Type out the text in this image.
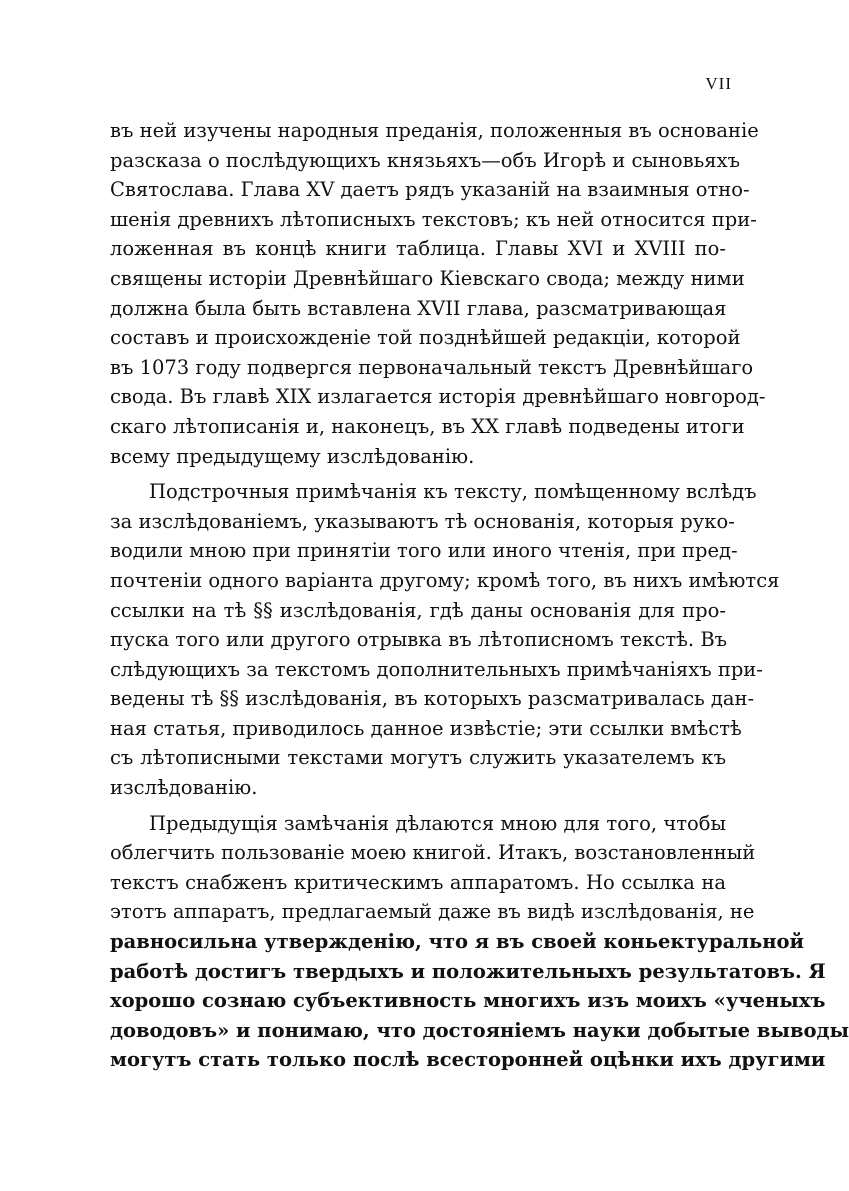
VII
въ ней изучены народныя преданія, положенныя въ основаніе
разсказа о послѣдующихъ князьяхъ—объ Игорѣ и сыновьяхъ
Святослава. Глава XV даетъ рядъ указаній на взаимныя отно-
шенія древнихъ лѣтописныхъ текстовъ; къ ней относится при-
ложенная въ концѣ книги таблица. Главы XVI и XVIII по-
священы исторіи Древнѣйшаго Кіевскаго свода; между ними
должна была быть вставлена XVII глава, разсматривающая
составъ и происхожденіе той позднѣйшей редакціи, которой
въ 1073 году подвергся первоначальный текстъ Древнѣйшаго
свода. Въ главѣ XIX излагается исторія древнѣйшаго новгород-
скаго лѣтописанія и, наконецъ, въ XX главѣ подведены итоги
всему предыдущему изслѣдованію.
Подстрочныя примѣчанія къ тексту, помѣщенному вслѣдъ
за изслѣдованіемъ, указываютъ тѣ основанія, которыя руко-
водили мною при принятіи того или иного чтенія, при пред-
почтеніи одного варіанта другому; кромѣ того, въ нихъ имѣются
ссылки на тѣ §§ изслѣдованія, гдѣ даны основанія для про-
пуска того или другого отрывка въ лѣтописномъ текстѣ. Въ
слѣдующихъ за текстомъ дополнительныхъ примѣчаніяхъ при-
ведены тѣ §§ изслѣдованія, въ которыхъ разсматривалась дан-
ная статья, приводилось данное извѣстіе; эти ссылки вмѣстѣ
съ лѣтописными текстами могутъ служить указателемъ къ
изслѣдованію.
Предыдущія замѣчанія дѣлаются мною для того, чтобы
облегчить пользованіе моею книгой. Итакъ, возстановленный
текстъ снабженъ критическимъ аппаратомъ. Но ссылка на
этотъ аппаратъ, предлагаемый даже въ видѣ изслѣдованія, не
равносильна утвержденію, что я въ своей коньектуральной
работѣ достигъ твердыхъ и положительныхъ результатовъ. Я
хорошо сознаю субъективность многихъ изъ моихъ «ученыхъ
доводовъ» и понимаю, что достояніемъ науки добытые выводы
могутъ стать только послѣ всесторонней оцѣнки ихъ другими
